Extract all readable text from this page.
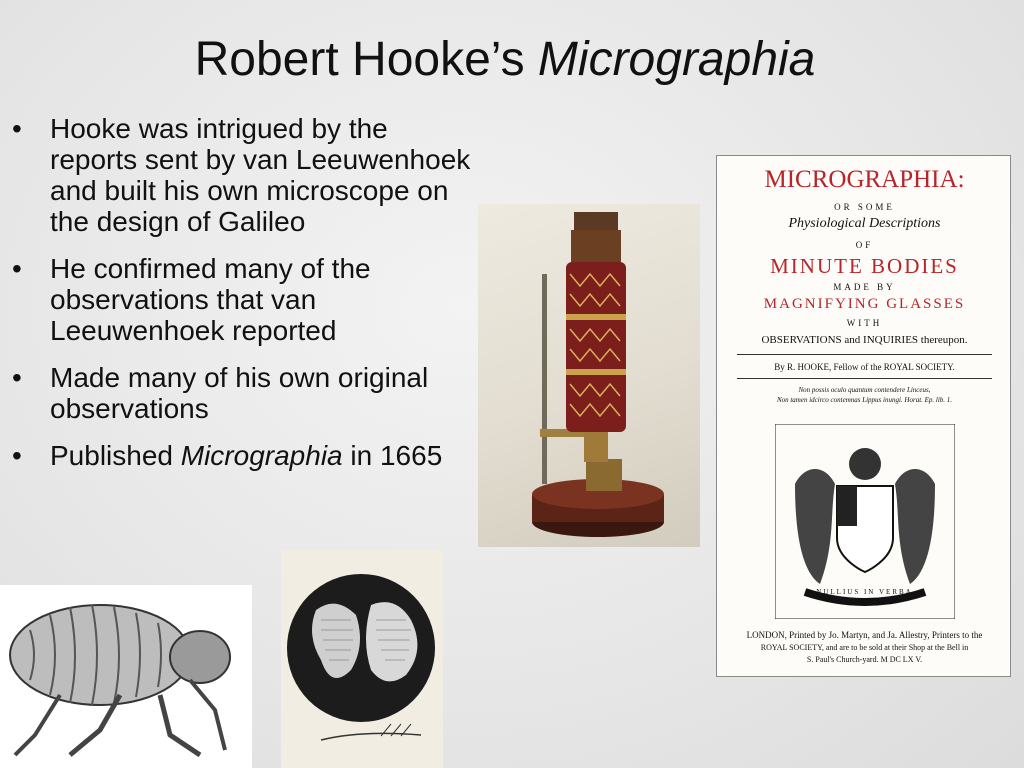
Robert Hooke’s Micrographia
•	Hooke was intrigued by the reports sent by van Leeuwenhoek and built his own microscope on the design of Galileo
•	He confirmed many of the observations that van Leeuwenhoek reported
•	Made many of his own original observations
•	Published Micrographia in 1665
MICROGRAPHIA:
OR SOME
Physiological Descriptions
OF
MINUTE BODIES
MADE BY
MAGNIFYING GLASSES
WITH
OBSERVATIONS and INQUIRIES thereupon.
By R. HOOKE, Fellow of the ROYAL SOCIETY.
Non possis oculo quantum contendere Linceus,
Non tamen idcirco contemnas Lippus inungi. Horat. Ep. lib. 1.
NULLIUS IN VERBA
LONDON, Printed by Jo. Martyn, and Ja. Allestry, Printers to the
ROYAL SOCIETY, and are to be sold at their Shop at the Bell in
S. Paul's Church-yard. M DC LX V.
